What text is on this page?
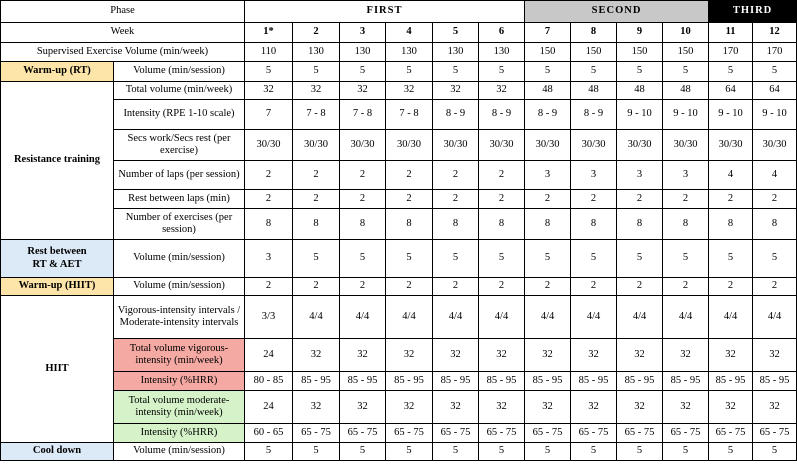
Phase		FIRST						SECOND				THIRD	
Week		1*	2	3	4	5	6	7	8	9	10	11	12
Supervised Exercise Volume (min/week)		110	130	130	130	130	130	150	150	150	150	170	170
Warm-up (RT)	Volume (min/session)	5	5	5	5	5	5	5	5	5	5	5	5
Resistance training	Total volume (min/week)	32	32	32	32	32	32	48	48	48	48	64	64
	Intensity (RPE 1-10 scale)	7	7 - 8	7 - 8	7 - 8	8 - 9	8 - 9	8 - 9	8 - 9	9 - 10	9 - 10	9 - 10	9 - 10
	Secs work/Secs rest (per exercise)	30/30	30/30	30/30	30/30	30/30	30/30	30/30	30/30	30/30	30/30	30/30	30/30
	Number of laps (per session)	2	2	2	2	2	2	3	3	3	3	4	4
	Rest between laps (min)	2	2	2	2	2	2	2	2	2	2	2	2
	Number of exercises (per session)	8	8	8	8	8	8	8	8	8	8	8	8
Rest between
RT & AET	Volume (min/session)	3	5	5	5	5	5	5	5	5	5	5	5
Warm-up (HIIT)	Volume (min/session)	2	2	2	2	2	2	2	2	2	2	2	2
HIIT	Vigorous-intensity intervals / Moderate-intensity intervals	3/3	4/4	4/4	4/4	4/4	4/4	4/4	4/4	4/4	4/4	4/4	4/4
	Total volume vigorous-intensity (min/week)	24	32	32	32	32	32	32	32	32	32	32	32
	Intensity (%HRR)	80 - 85	85 - 95	85 - 95	85 - 95	85 - 95	85 - 95	85 - 95	85 - 95	85 - 95	85 - 95	85 - 95	85 - 95
	Total volume moderate-intensity (min/week)	24	32	32	32	32	32	32	32	32	32	32	32
	Intensity (%HRR)	60 - 65	65 - 75	65 - 75	65 - 75	65 - 75	65 - 75	65 - 75	65 - 75	65 - 75	65 - 75	65 - 75	65 - 75
Cool down	Volume (min/session)	5	5	5	5	5	5	5	5	5	5	5	5
